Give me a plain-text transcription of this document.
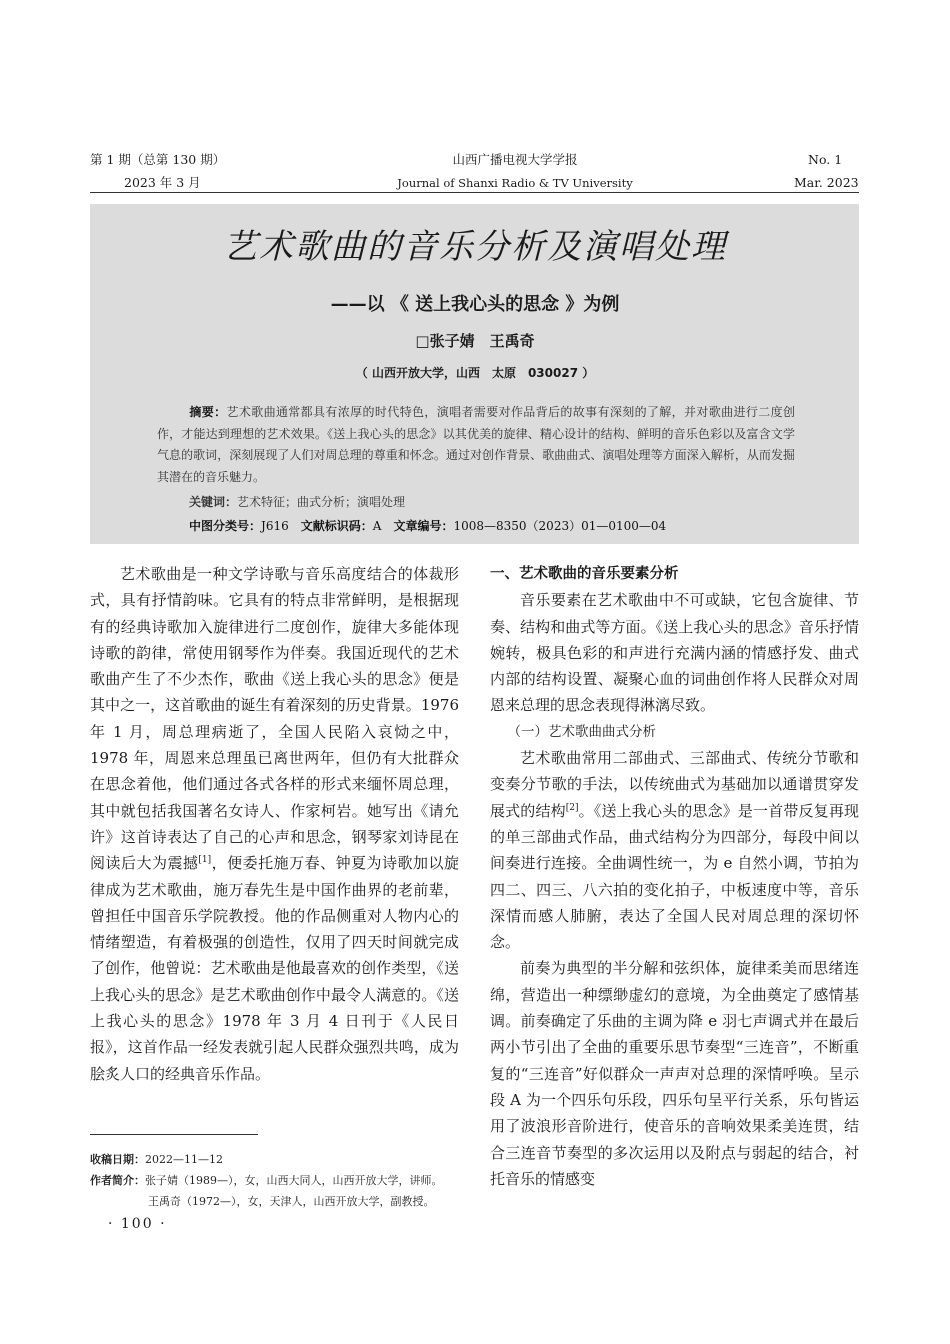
第 1 期（总第 130 期）	山西广播电视大学学报	No. 1
2023 年 3 月	Journal of Shanxi Radio & TV University	Mar. 2023
艺术歌曲的音乐分析及演唱处理
——以 《 送上我心头的思念 》为例
□张子婧　王禹奇
（ 山西开放大学，山西　太原　030027 ）
摘要：艺术歌曲通常都具有浓厚的时代特色，演唱者需要对作品背后的故事有深刻的了解，并对歌曲进行二度创作，才能达到理想的艺术效果。《送上我心头的思念》以其优美的旋律、精心设计的结构、鲜明的音乐色彩以及富含文学气息的歌词，深刻展现了人们对周总理的尊重和怀念。通过对创作背景、歌曲曲式、演唱处理等方面深入解析，从而发掘其潜在的音乐魅力。
关键词：艺术特征；曲式分析；演唱处理
中图分类号：J616　 文献标识码：A　 文章编号：1008—8350（2023）01—0100—04

艺术歌曲是一种文学诗歌与音乐高度结合的体裁形式，具有抒情韵味。它具有的特点非常鲜明，是根据现有的经典诗歌加入旋律进行二度创作，旋律大多能体现诗歌的韵律，常使用钢琴作为伴奏。我国近现代的艺术歌曲产生了不少杰作，歌曲《送上我心头的思念》便是其中之一，这首歌曲的诞生有着深刻的历史背景。1976 年 1 月，周总理病逝了，全国人民陷入哀恸之中，1978 年，周恩来总理虽已离世两年，但仍有大批群众在思念着他，他们通过各式各样的形式来缅怀周总理，其中就包括我国著名女诗人、作家柯岩。她写出《请允许》这首诗表达了自己的心声和思念，钢琴家刘诗昆在阅读后大为震撼[1]，便委托施万春、钟夏为诗歌加以旋律成为艺术歌曲，施万春先生是中国作曲界的老前辈，曾担任中国音乐学院教授。他的作品侧重对人物内心的情绪塑造，有着极强的创造性，仅用了四天时间就完成了创作，他曾说：艺术歌曲是他最喜欢的创作类型，《送上我心头的思念》是艺术歌曲创作中最令人满意的。《送上我心头的思念》1978 年 3 月 4 日刊于《人民日报》，这首作品一经发表就引起人民群众强烈共鸣，成为脍炙人口的经典音乐作品。

收稿日期：2022—11—12
作者简介：张子婧（1989—），女，山西大同人，山西开放大学，讲师。
王禹奇（1972—），女，天津人，山西开放大学，副教授。
· 100 ·

一、艺术歌曲的音乐要素分析

音乐要素在艺术歌曲中不可或缺，它包含旋律、节奏、结构和曲式等方面。《送上我心头的思念》音乐抒情婉转，极具色彩的和声进行充满内涵的情感抒发、曲式内部的结构设置、凝聚心血的词曲创作将人民群众对周恩来总理的思念表现得淋漓尽致。

（一）艺术歌曲曲式分析

艺术歌曲常用二部曲式、三部曲式、传统分节歌和变奏分节歌的手法，以传统曲式为基础加以通谱贯穿发展式的结构[2]。《送上我心头的思念》是一首带反复再现的单三部曲式作品，曲式结构分为四部分，每段中间以间奏进行连接。全曲调性统一，为 e 自然小调，节拍为四二、四三、八六拍的变化拍子，中板速度中等，音乐深情而感人肺腑，表达了全国人民对周总理的深切怀念。

前奏为典型的半分解和弦织体，旋律柔美而思绪连绵，营造出一种缥缈虚幻的意境，为全曲奠定了感情基调。前奏确定了乐曲的主调为降 e 羽七声调式并在最后两小节引出了全曲的重要乐思节奏型“三连音”，不断重复的“三连音”好似群众一声声对总理的深情呼唤。呈示段 A 为一个四乐句乐段，四乐句呈平行关系，乐句皆运用了波浪形音阶进行，使音乐的音响效果柔美连贯，结合三连音节奏型的多次运用以及附点与弱起的结合，衬托音乐的情感变
